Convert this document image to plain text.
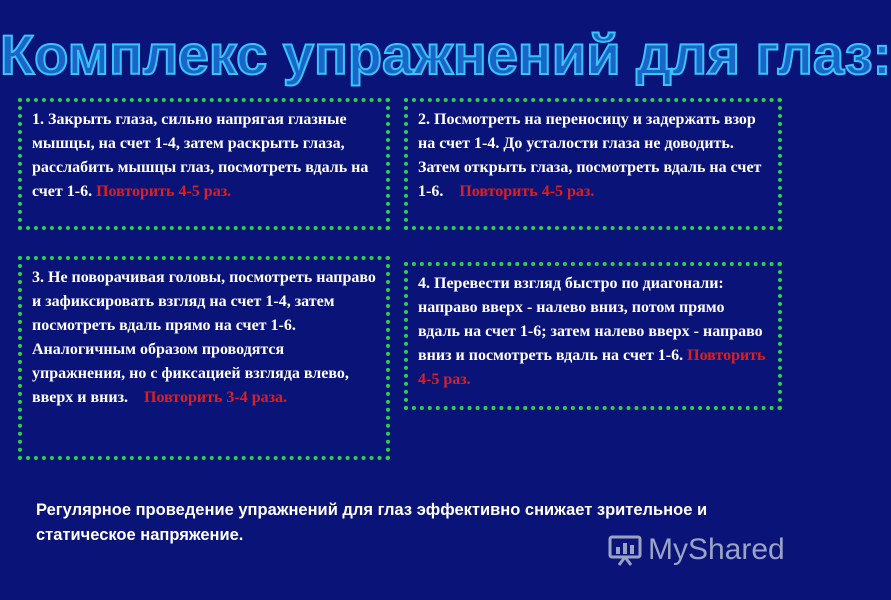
Комплекс упражнений для глаз:
1. Закрыть глаза, сильно напрягая глазные мышцы, на счет 1-4, затем раскрыть глаза, расслабить мышцы глаз, посмотреть вдаль на счет 1-6. Повторить 4-5 раз.
2. Посмотреть на переносицу и задержать взор на счет 1-4. До усталости глаза не доводить. Затем открыть глаза, посмотреть вдаль на счет 1-6. Повторить 4-5 раз.
3. Не поворачивая головы, посмотреть направо и зафиксировать взгляд на счет 1-4, затем посмотреть вдаль прямо на счет 1-6. Аналогичным образом проводятся упражнения, но с фиксацией взгляда влево, вверх и вниз. Повторить 3-4 раза.
4. Перевести взгляд быстро по диагонали: направо вверх - налево вниз, потом прямо вдаль на счет 1-6; затем налево вверх - направо вниз и посмотреть вдаль на счет 1-6. Повторить 4-5 раз.
Регулярное проведение упражнений для глаз эффективно снижает зрительное и статическое напряжение.	MyShared
